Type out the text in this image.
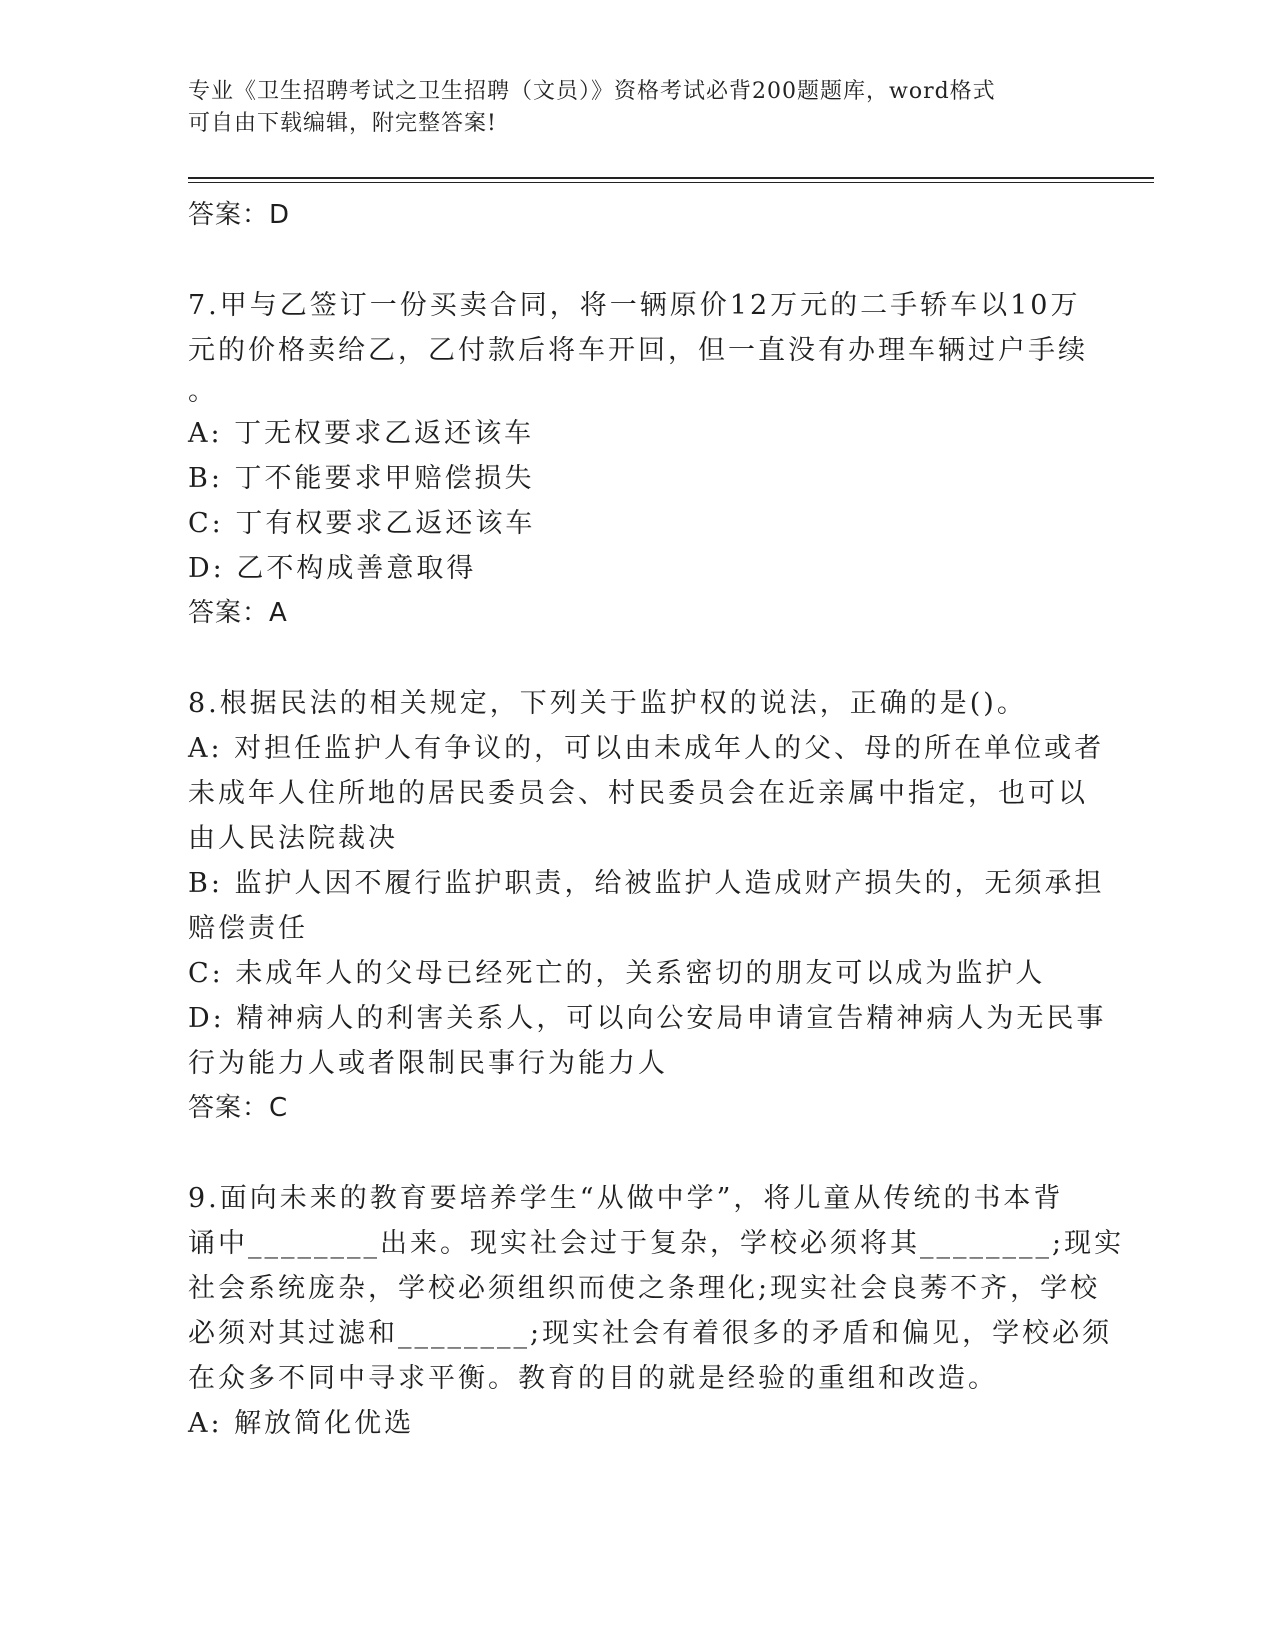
专业《卫生招聘考试之卫生招聘（文员）》资格考试必背200题题库，word格式
可自由下载编辑，附完整答案!
答案：D
7.甲与乙签订一份买卖合同，将一辆原价12万元的二手轿车以10万
元的价格卖给乙，乙付款后将车开回，但一直没有办理车辆过户手续
。
A: 丁无权要求乙返还该车
B: 丁不能要求甲赔偿损失
C: 丁有权要求乙返还该车
D: 乙不构成善意取得
答案：A
8.根据民法的相关规定，下列关于监护权的说法，正确的是()。
A: 对担任监护人有争议的，可以由未成年人的父、母的所在单位或者
未成年人住所地的居民委员会、村民委员会在近亲属中指定，也可以
由人民法院裁决
B: 监护人因不履行监护职责，给被监护人造成财产损失的，无须承担
赔偿责任
C: 未成年人的父母已经死亡的，关系密切的朋友可以成为监护人
D: 精神病人的利害关系人，可以向公安局申请宣告精神病人为无民事
行为能力人或者限制民事行为能力人
答案：C
9.面向未来的教育要培养学生“从做中学”，将儿童从传统的书本背
诵中________出来。现实社会过于复杂，学校必须将其________;现实
社会系统庞杂，学校必须组织而使之条理化;现实社会良莠不齐，学校
必须对其过滤和________;现实社会有着很多的矛盾和偏见，学校必须
在众多不同中寻求平衡。教育的目的就是经验的重组和改造。
A: 解放简化优选
